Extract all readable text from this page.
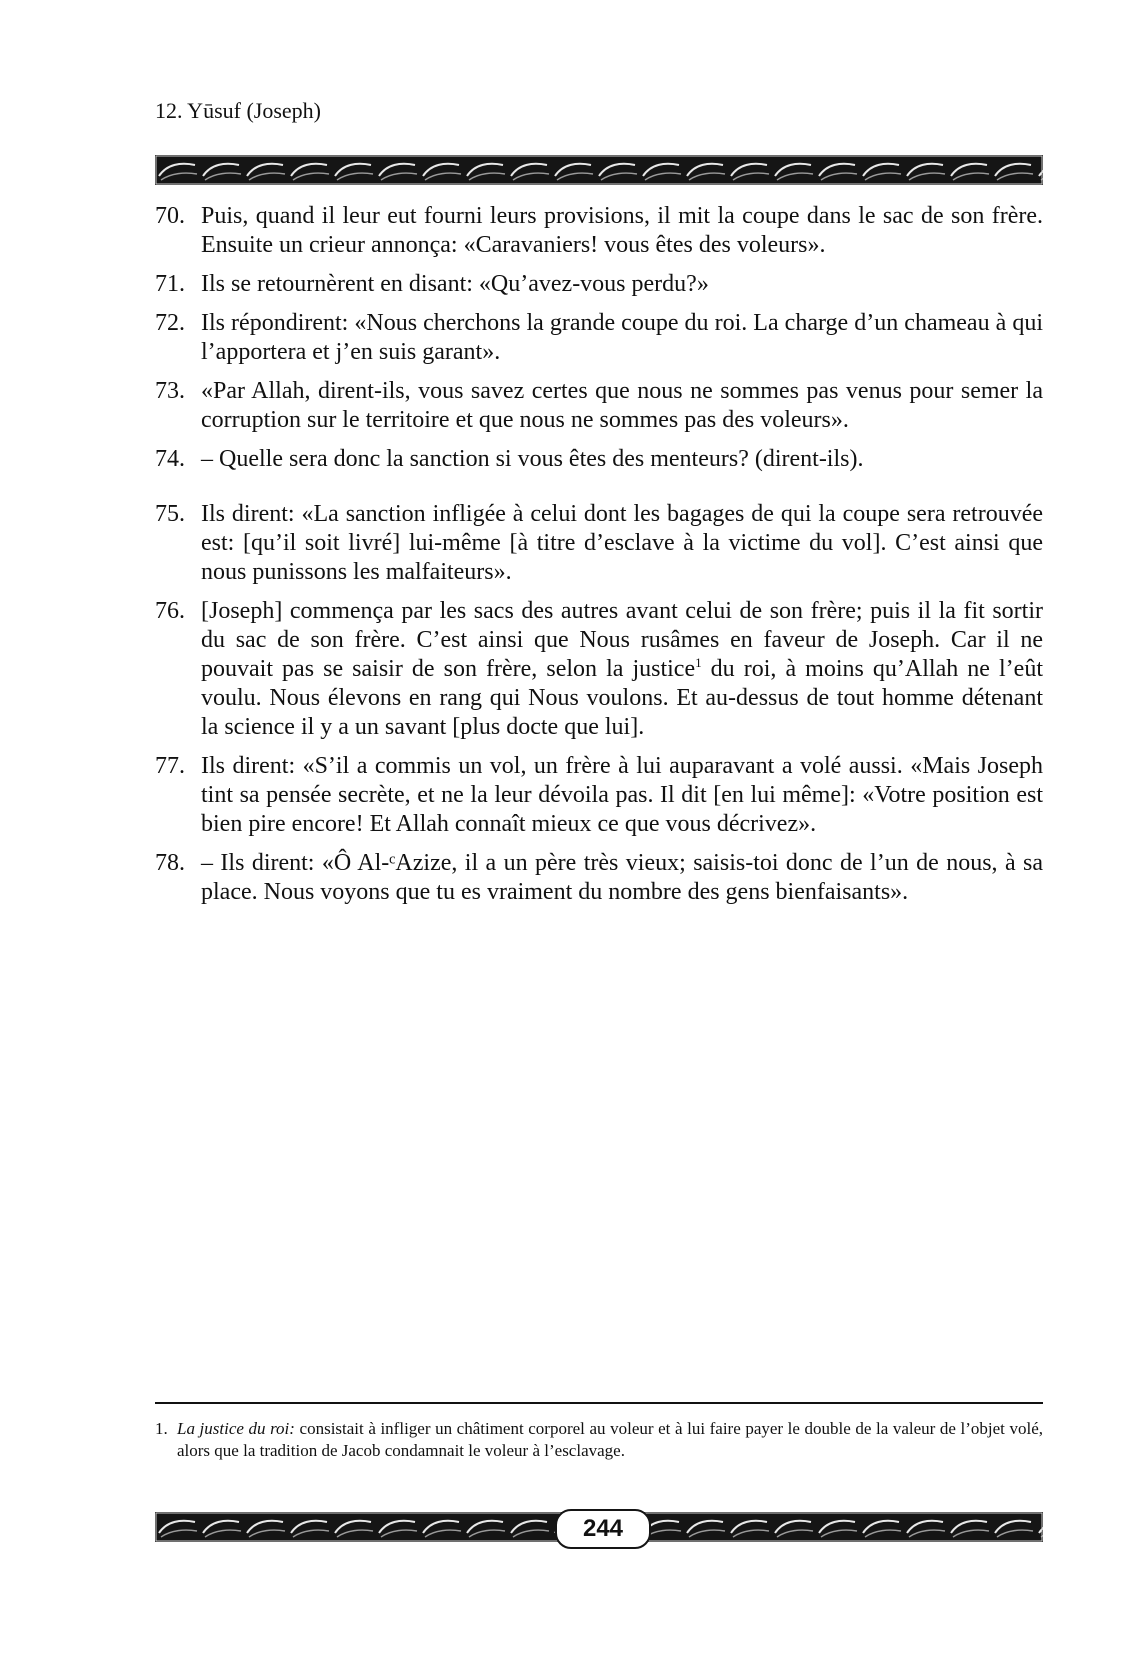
12. Yūsuf (Joseph)
70. Puis, quand il leur eut fourni leurs provisions, il mit la coupe dans le sac de son frère. Ensuite un crieur annonça: «Caravaniers! vous êtes des voleurs».
71. Ils se retournèrent en disant: «Qu’avez-vous perdu?»
72. Ils répondirent: «Nous cherchons la grande coupe du roi. La charge d’un chameau à qui l’apportera et j’en suis garant».
73. «Par Allah, dirent-ils, vous savez certes que nous ne sommes pas venus pour semer la corruption sur le territoire et que nous ne sommes pas des voleurs».
74. – Quelle sera donc la sanction si vous êtes des menteurs? (dirent-ils).
75. Ils dirent: «La sanction infligée à celui dont les bagages de qui la coupe sera retrouvée est: [qu’il soit livré] lui-même [à titre d’esclave à la victime du vol]. C’est ainsi que nous punissons les malfaiteurs».
76. [Joseph] commença par les sacs des autres avant celui de son frère; puis il la fit sortir du sac de son frère. C’est ainsi que Nous rusâmes en faveur de Joseph. Car il ne pouvait pas se saisir de son frère, selon la justice$^1$ du roi, à moins qu’Allah ne l’eût voulu. Nous élevons en rang qui Nous voulons. Et au-dessus de tout homme détenant la science il y a un savant [plus docte que lui].
77. Ils dirent: «S’il a commis un vol, un frère à lui auparavant a volé aussi. «Mais Joseph tint sa pensée secrète, et ne la leur dévoila pas. Il dit [en lui même]: «Votre position est bien pire encore! Et Allah connaît mieux ce que vous décrivez».
78. – Ils dirent: «Ô Al-ᶜAzize, il a un père très vieux; saisis-toi donc de l’un de nous, à sa place. Nous voyons que tu es vraiment du nombre des gens bienfaisants».
1. La justice du roi: consistait à infliger un châtiment corporel au voleur et à lui faire payer le double de la valeur de l’objet volé, alors que la tradition de Jacob condamnait le voleur à l’esclavage.
244
